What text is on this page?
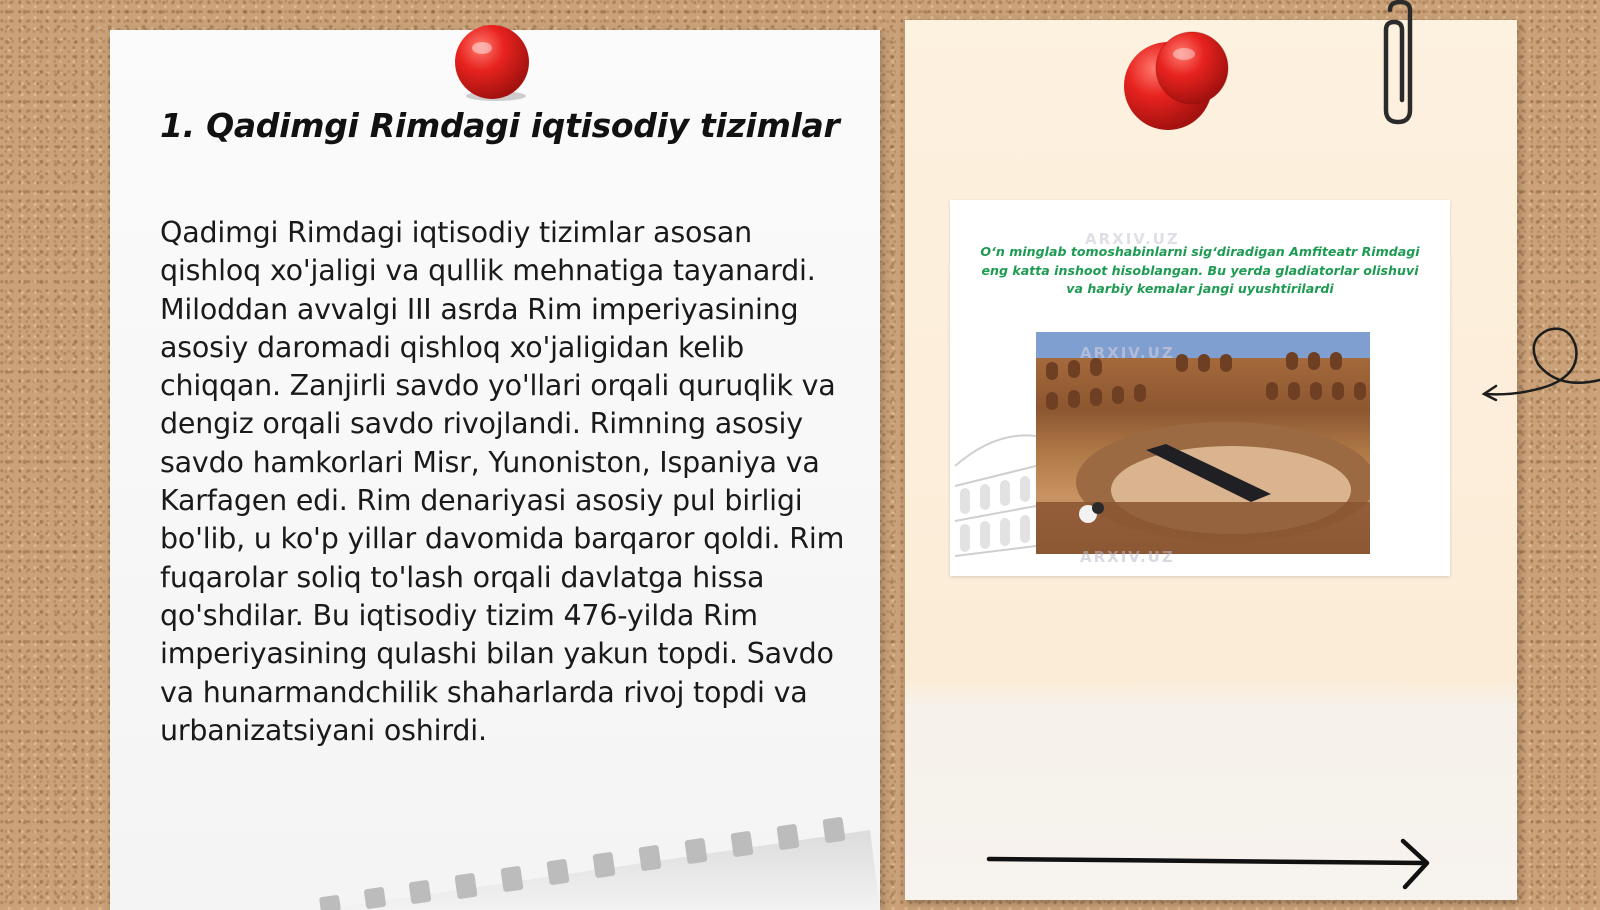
1. Qadimgi Rimdagi iqtisodiy tizimlar

Qadimgi Rimdagi iqtisodiy tizimlar asosan qishloq xo'jaligi va qullik mehnatiga tayanardi. Miloddan avvalgi III asrda Rim imperiyasining asosiy daromadi qishloq xo'jaligidan kelib chiqqan. Zanjirli savdo yo'llari orqali quruqlik va dengiz orqali savdo rivojlandi. Rimning asosiy savdo hamkorlari Misr, Yunoniston, Ispaniya va Karfagen edi. Rim denariyasi asosiy pul birligi bo'lib, u ko'p yillar davomida barqaror qoldi. Rim fuqarolar soliq to'lash orqali davlatga hissa qo'shdilar. Bu iqtisodiy tizim 476-yilda Rim imperiyasining qulashi bilan yakun topdi. Savdo va hunarmandchilik shaharlarda rivoj topdi va urbanizatsiyani oshirdi.

ARXIV.UZ

O‘n minglab tomoshabinlarni sig‘diradigan Amfiteatr Rimdagi eng katta inshoot hisoblangan. Bu yerda gladiatorlar olishuvi va harbiy kemalar jangi uyushtirilardi

ARXIV.UZ
ARXIV.UZ
